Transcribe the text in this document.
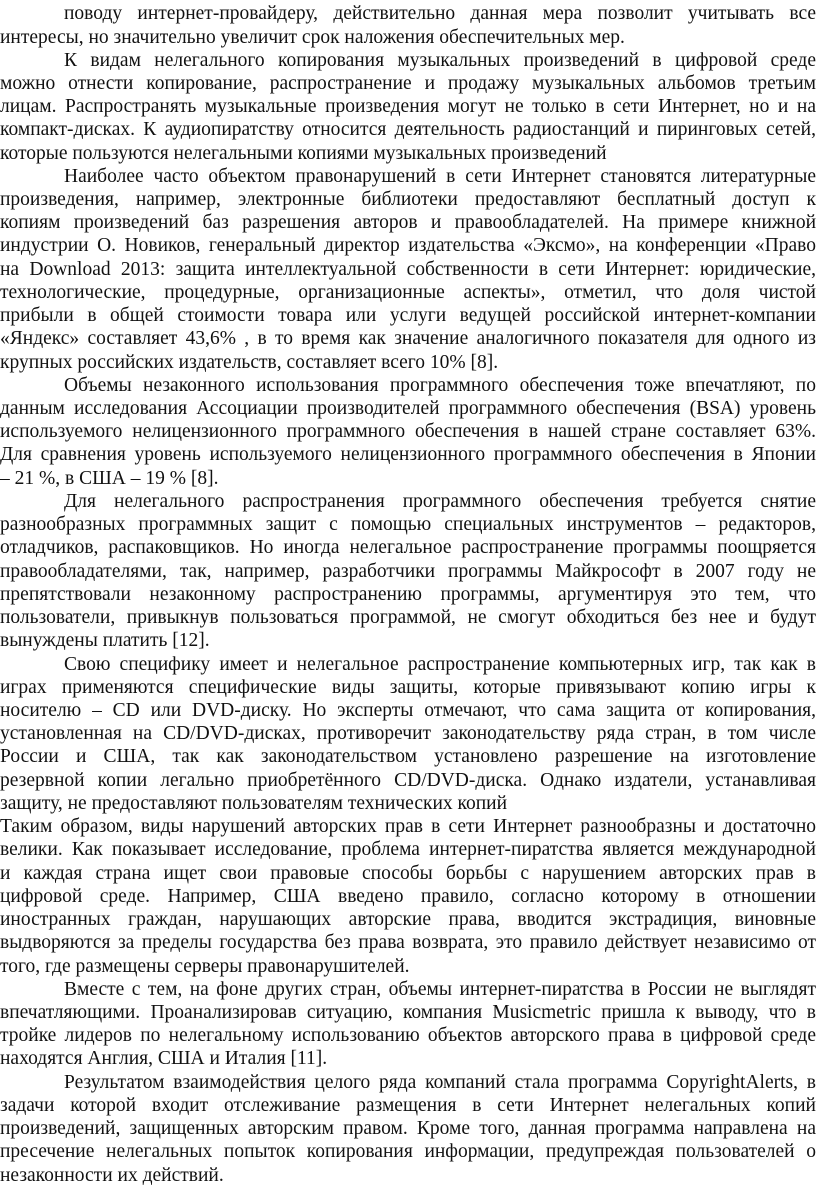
поводу интернет-провайдеру, действительно данная мера позволит учитывать все
интересы, но значительно увеличит срок наложения обеспечительных мер.
К видам нелегального копирования музыкальных произведений в цифровой среде
можно отнести копирование, распространение и продажу музыкальных альбомов третьим
лицам. Распространять музыкальные произведения могут не только в сети Интернет, но и на
компакт-дисках. К аудиопиратству относится деятельность радиостанций и пиринговых сетей,
которые пользуются нелегальными копиями музыкальных произведений
Наиболее часто объектом правонарушений в сети Интернет становятся литературные
произведения, например, электронные библиотеки предоставляют бесплатный доступ к
копиям произведений баз разрешения авторов и правообладателей. На примере книжной
индустрии О. Новиков, генеральный директор издательства «Эксмо», на конференции «Право
на Download 2013: защита интеллектуальной собственности в сети Интернет: юридические,
технологические, процедурные, организационные аспекты», отметил, что доля чистой
прибыли в общей стоимости товара или услуги ведущей российской интернет-компании
«Яндекс» составляет 43,6% , в то время как значение аналогичного показателя для одного из
крупных российских издательств, составляет всего 10% [8].
Объемы незаконного использования программного обеспечения тоже впечатляют, по
данным исследования Ассоциации производителей программного обеспечения (BSA) уровень
используемого нелицензионного программного обеспечения в нашей стране составляет 63%.
Для сравнения уровень используемого нелицензионного программного обеспечения в Японии
– 21 %, в США – 19 % [8].
Для нелегального распространения программного обеспечения требуется снятие
разнообразных программных защит с помощью специальных инструментов – редакторов,
отладчиков, распаковщиков. Но иногда нелегальное распространение программы поощряется
правообладателями, так, например, разработчики программы Майкрософт в 2007 году не
препятствовали незаконному распространению программы, аргументируя это тем, что
пользователи, привыкнув пользоваться программой, не смогут обходиться без нее и будут
вынуждены платить [12].
Свою специфику имеет и нелегальное распространение компьютерных игр, так как в
играх применяются специфические виды защиты, которые привязывают копию игры к
носителю – CD или DVD-диску. Но эксперты отмечают, что сама защита от копирования,
установленная на CD/DVD-дисках, противоречит законодательству ряда стран, в том числе
России и США, так как законодательством установлено разрешение на изготовление
резервной копии легально приобретённого CD/DVD-диска. Однако издатели, устанавливая
защиту, не предоставляют пользователям технических копий
Таким образом, виды нарушений авторских прав в сети Интернет разнообразны и достаточно
велики. Как показывает исследование, проблема интернет-пиратства является международной
и каждая страна ищет свои правовые способы борьбы с нарушением авторских прав в
цифровой среде. Например, США введено правило, согласно которому в отношении
иностранных граждан, нарушающих авторские права, вводится экстрадиция, виновные
выдворяются за пределы государства без права возврата, это правило действует независимо от
того, где размещены серверы правонарушителей.
Вместе с тем, на фоне других стран, объемы интернет-пиратства в России не выглядят
впечатляющими. Проанализировав ситуацию, компания Musicmetric пришла к выводу, что в
тройке лидеров по нелегальному использованию объектов авторского права в цифровой среде
находятся Англия, США и Италия [11].
Результатом взаимодействия целого ряда компаний стала программа CopyrightAlerts, в
задачи которой входит отслеживание размещения в сети Интернет нелегальных копий
произведений, защищенных авторским правом. Кроме того, данная программа направлена на
пресечение нелегальных попыток копирования информации, предупреждая пользователей о
незаконности их действий.
